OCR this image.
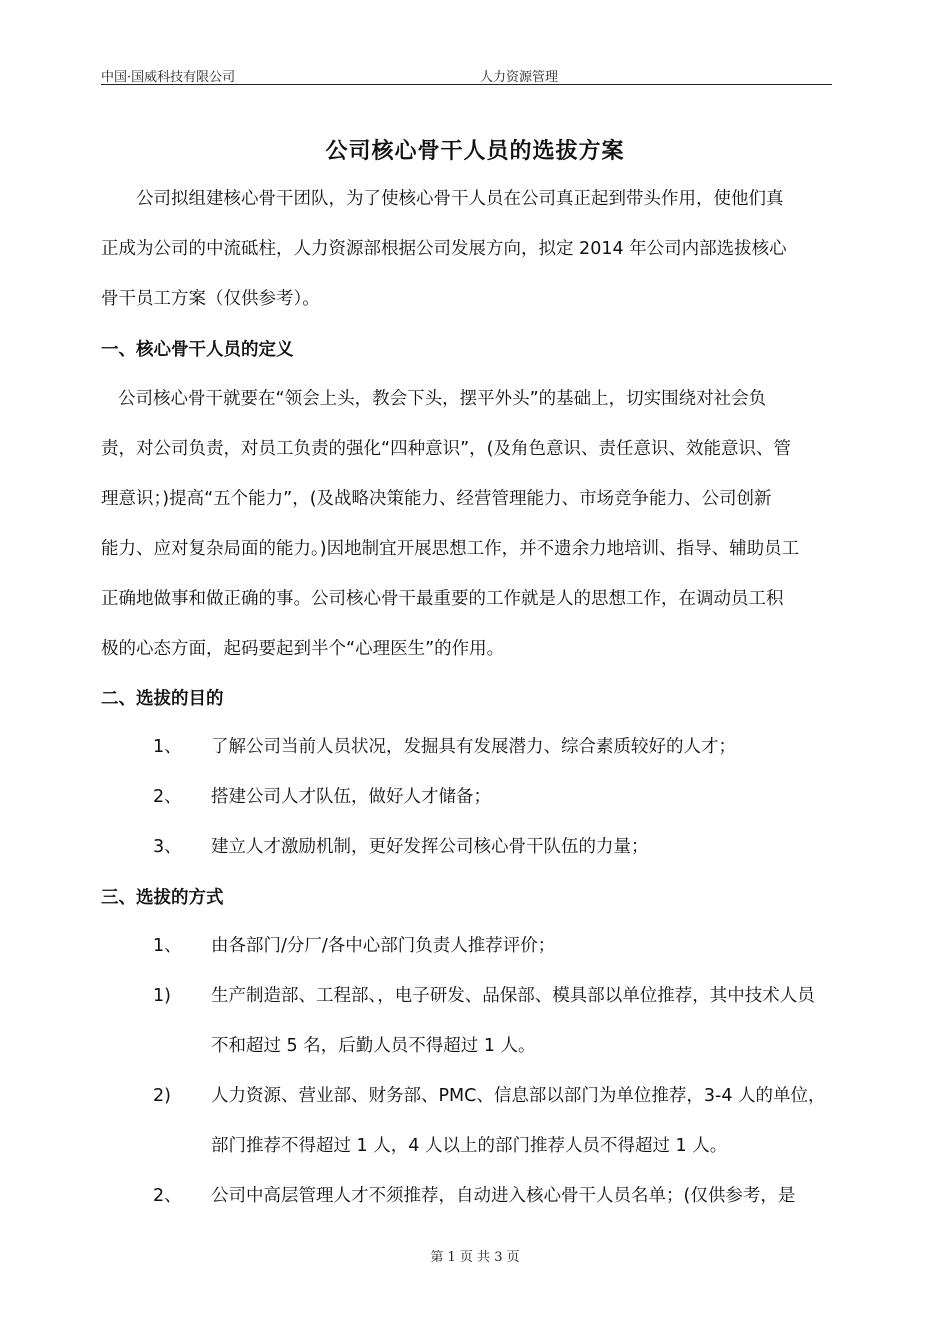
中国·国威科技有限公司	人力资源管理
公司核心骨干人员的选拔方案
公司拟组建核心骨干团队，为了使核心骨干人员在公司真正起到带头作用，使他们真
正成为公司的中流砥柱，人力资源部根据公司发展方向，拟定 2014 年公司内部选拔核心
骨干员工方案（仅供参考）。
一、核心骨干人员的定义
公司核心骨干就要在“领会上头，教会下头，摆平外头”的基础上，切实围绕对社会负
责，对公司负责，对员工负责的强化“四种意识”，(及角色意识、责任意识、效能意识、管
理意识；)提高“五个能力”，(及战略决策能力、经营管理能力、市场竞争能力、公司创新
能力、应对复杂局面的能力。)因地制宜开展思想工作，并不遗余力地培训、指导、辅助员工
正确地做事和做正确的事。公司核心骨干最重要的工作就是人的思想工作，在调动员工积
极的心态方面，起码要起到半个“心理医生”的作用。
二、选拔的目的
1、 了解公司当前人员状况，发掘具有发展潜力、综合素质较好的人才；
2、 搭建公司人才队伍，做好人才储备；
3、 建立人才激励机制，更好发挥公司核心骨干队伍的力量；
三、选拔的方式
1、 由各部门/分厂/各中心部门负责人推荐评价；
1) 生产制造部、工程部、，电子研发、品保部、模具部以单位推荐，其中技术人员
不和超过 5 名，后勤人员不得超过 1 人。
2) 人力资源、营业部、财务部、PMC、信息部以部门为单位推荐，3-4 人的单位，
部门推荐不得超过 1 人，4 人以上的部门推荐人员不得超过 1 人。
2、 公司中高层管理人才不须推荐，自动进入核心骨干人员名单；(仅供参考，是
第 1 页 共 3 页
